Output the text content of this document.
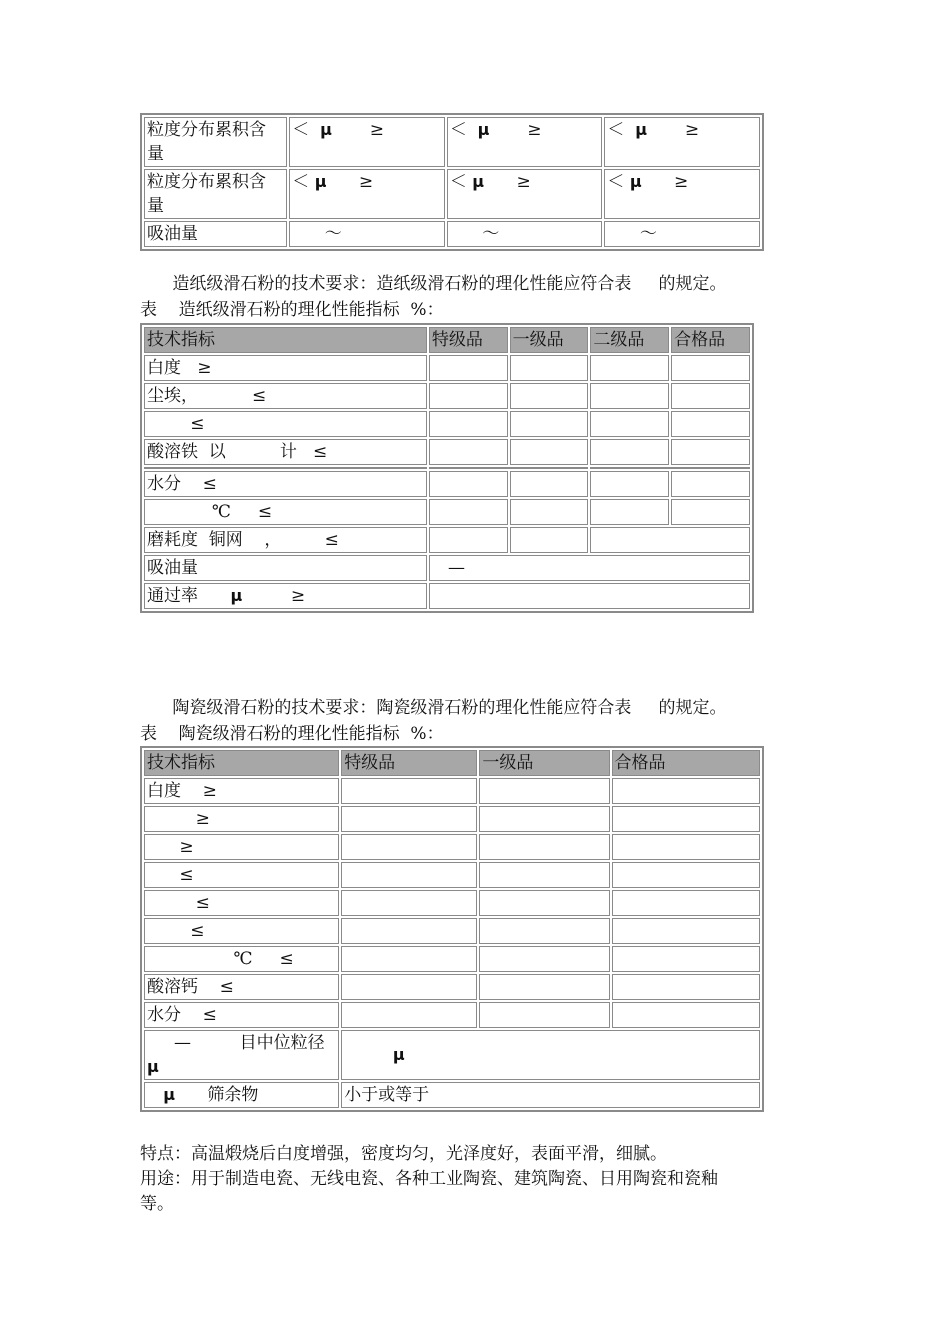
粒度分布累积含
量	＜  μ       ≥	＜  μ       ≥	＜  μ       ≥
粒度分布累积含
量	＜ μ      ≥	＜ μ      ≥	＜ μ      ≥
吸油量	～	～	～
造纸级滑石粉的技术要求：造纸级滑石粉的理化性能应符合表     的规定。
表    造纸级滑石粉的理化性能指标  %：
技术指标	特级品	一级品	二级品	合格品
白度   ≥				
尘埃，          ≤				
≤				
酸溶铁  以          计   ≤				

水分    ≤				
℃     ≤				
磨耗度  铜网    ，        ≤				
吸油量	—			
通过率      μ         ≥				
陶瓷级滑石粉的技术要求：陶瓷级滑石粉的理化性能应符合表     的规定。
表    陶瓷级滑石粉的理化性能指标  %：
技术指标	特级品	一级品	合格品
白度    ≥			
≥			
≥			
≤			
≤			
≤			
℃     ≤			
酸溶钙    ≤			
水分    ≤			
—         目中位粒径
μ	μ		
μ      筛余物	小于或等于		
特点：高温煅烧后白度增强，密度均匀，光泽度好，表面平滑，细腻。
用途：用于制造电瓷、无线电瓷、各种工业陶瓷、建筑陶瓷、日用陶瓷和瓷釉
等。
